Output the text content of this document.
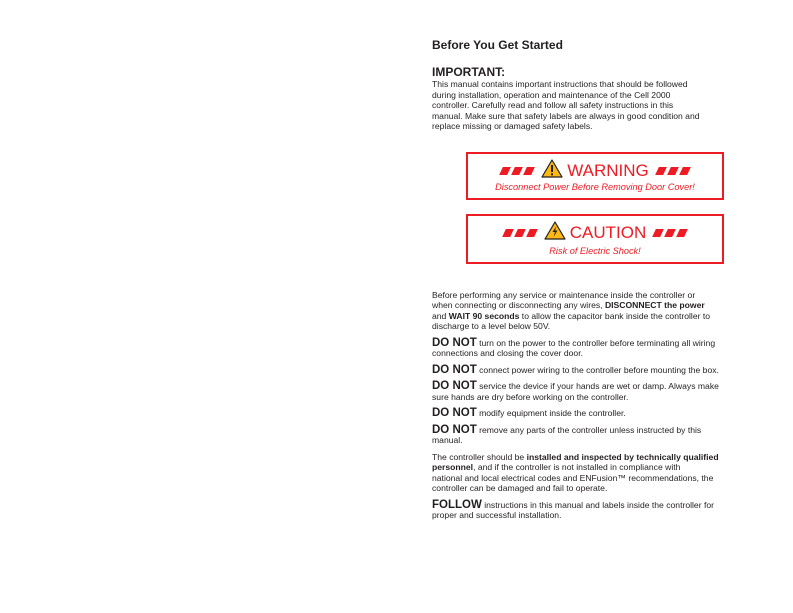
Before You Get Started
IMPORTANT:

This manual contains important instructions that should be followed

during installation, operation and maintenance of the Cell 2000

controller. Carefully read and follow all safety instructions in this

manual. Make sure that safety labels are always in good condition and

replace missing or damaged safety labels.

Before performing any service or maintenance inside the controller or

when connecting or disconnecting any wires, DISCONNECT the power

and WAIT 90 seconds to allow the capacitor bank inside the controller to

discharge to a level below 50V.

DO NOT turn on the power to the controller before terminating all wiring

connections and closing the cover door.

DO NOT connect power wiring to the controller before mounting the box.

DO NOT service the device if your hands are wet or damp. Always make

sure hands are dry before working on the controller.

DO NOT modify equipment inside the controller.

DO NOT remove any parts of the controller unless instructed by this

manual.

The controller should be installed and inspected by technically qualified

personnel, and if the controller is not installed in compliance with

national and local electrical codes and ENFusion™ recommendations, the

controller can be damaged and fail to operate.

FOLLOW instructions in this manual and labels inside the controller for

proper and successful installation.

WARNING
Disconnect Power Before Removing Door Cover!
CAUTION
Risk of Electric Shock!
